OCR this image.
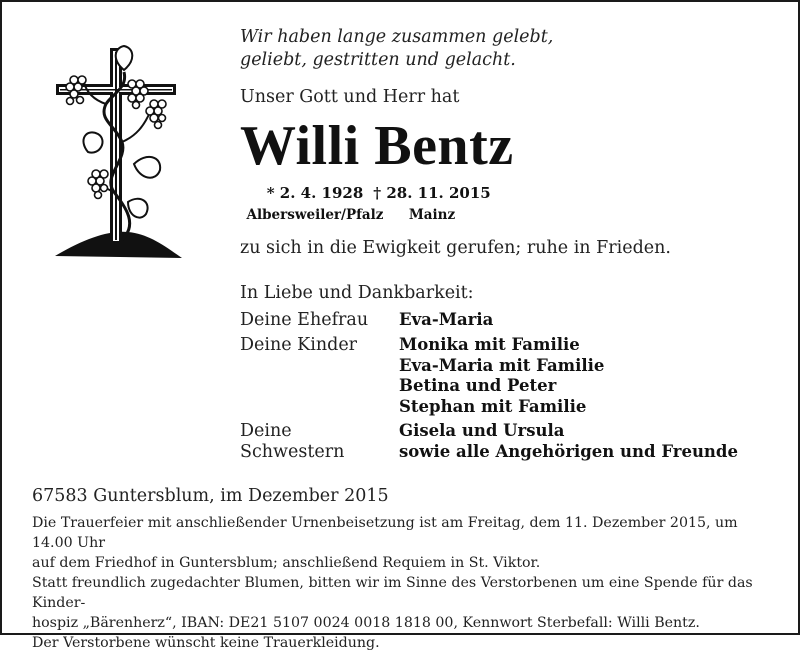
Wir haben lange zusammen gelebt,
geliebt, gestritten und gelacht.
Unser Gott und Herr hat
Willi Bentz
* 2. 4. 1928
Albersweiler/Pfalz
† 28. 11. 2015
Mainz
zu sich in die Ewigkeit gerufen; ruhe in Frieden.
In Liebe und Dankbarkeit:
Deine Ehefrau	Eva-Maria
Deine Kinder	Monika mit Familie
Eva-Maria mit Familie
Betina und Peter
Stephan mit Familie
Deine Schwestern
Gisela und Ursula
sowie alle Angehörigen und Freunde
67583 Guntersblum, im Dezember 2015

Die Trauerfeier mit anschließender Urnenbeisetzung ist am Freitag, dem 11. Dezember 2015, um 14.00 Uhr

auf dem Friedhof in Guntersblum; anschließend Requiem in St. Viktor.

Statt freundlich zugedachter Blumen, bitten wir im Sinne des Verstorbenen um eine Spende für das Kinder-

hospiz „Bärenherz“, IBAN: DE21 5107 0024 0018 1818 00, Kennwort Sterbefall: Willi Bentz.

Der Verstorbene wünscht keine Trauerkleidung.
